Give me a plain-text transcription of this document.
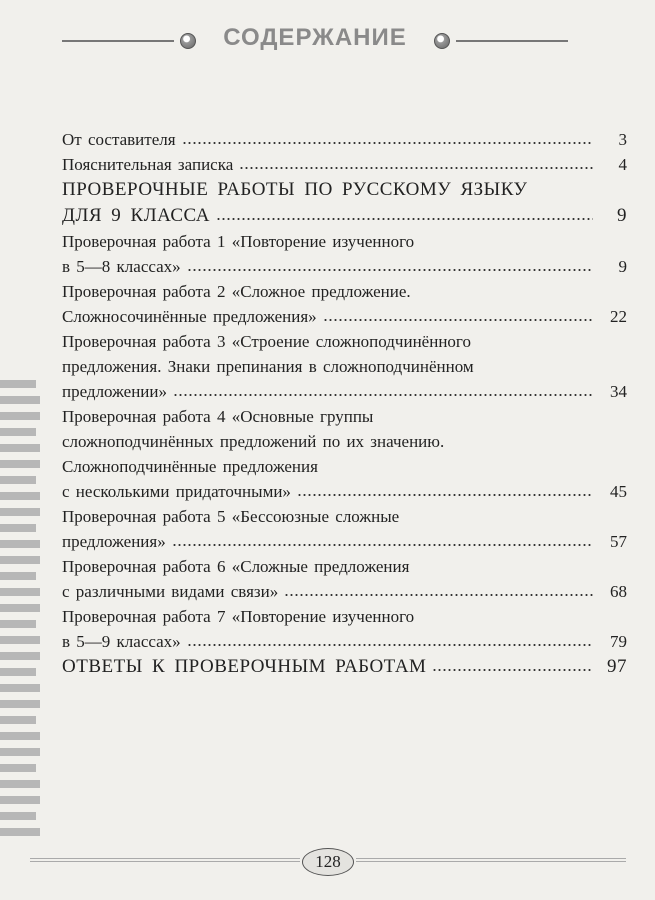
СОДЕРЖАНИЕ
От составителя	3
Пояснительная записка	4
ПРОВЕРОЧНЫЕ РАБОТЫ ПО РУССКОМУ ЯЗЫКУ
ДЛЯ 9 КЛАССА	9
Проверочная работа 1 «Повторение изученного
в 5—8 классах»	9
Проверочная работа 2 «Сложное предложение.
Сложносочинённые предложения»	22
Проверочная работа 3 «Строение сложноподчинённого
предложения. Знаки препинания в сложноподчинённом
предложении»	34
Проверочная работа 4 «Основные группы
сложноподчинённых предложений по их значению.
Сложноподчинённые предложения
с несколькими придаточными»	45
Проверочная работа 5 «Бессоюзные сложные
предложения»	57
Проверочная работа 6 «Сложные предложения
с различными видами связи»	68
Проверочная работа 7 «Повторение изученного
в 5—9 классах»	79
ОТВЕТЫ К ПРОВЕРОЧНЫМ РАБОТАМ	97
128
